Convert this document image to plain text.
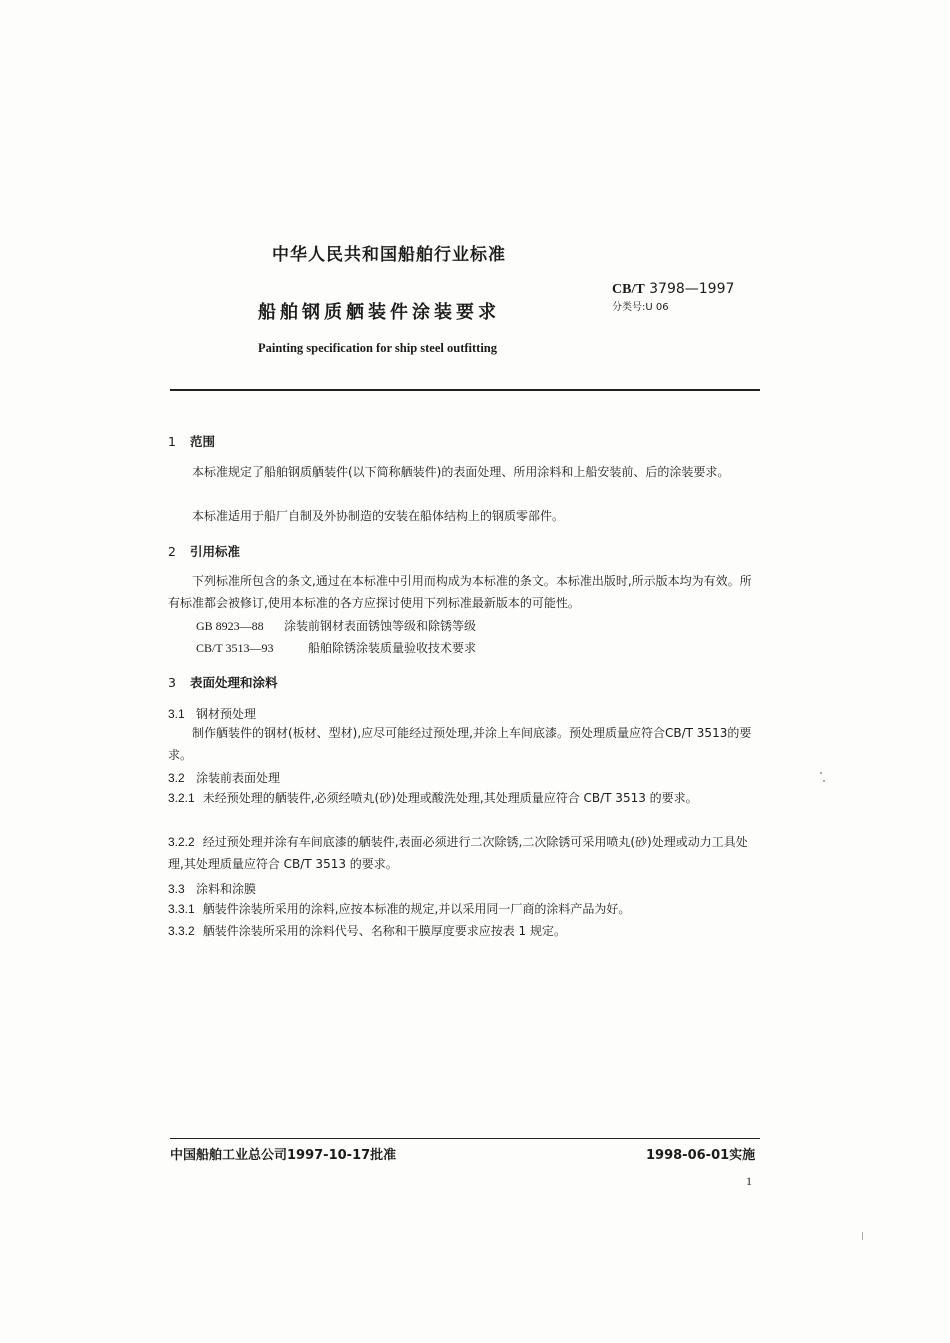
中华人民共和国船舶行业标准
船舶钢质舾装件涂装要求
Painting specification for ship steel outfitting
CB/T 3798—1997
分类号:U 06
1 范围
本标准规定了船舶钢质舾装件(以下简称舾装件)的表面处理、所用涂料和上船安装前、后的涂装要求。
本标准适用于船厂自制及外协制造的安装在船体结构上的钢质零部件。
2 引用标准
下列标准所包含的条文,通过在本标准中引用而构成为本标准的条文。本标准出版时,所示版本均为有效。所有标准都会被修订,使用本标准的各方应探讨使用下列标准最新版本的可能性。
GB 8923—88 涂装前钢材表面锈蚀等级和除锈等级
CB/T 3513—93	船舶除锈涂装质量验收技术要求
3 表面处理和涂料
3.1 钢材预处理
制作舾装件的钢材(板材、型材),应尽可能经过预处理,并涂上车间底漆。预处理质量应符合CB/T 3513的要求。
3.2 涂装前表面处理
3.2.1 未经预处理的舾装件,必须经喷丸(砂)处理或酸洗处理,其处理质量应符合 CB/T 3513 的要求。
3.2.2 经过预处理并涂有车间底漆的舾装件,表面必须进行二次除锈,二次除锈可采用喷丸(砂)处理或动力工具处理,其处理质量应符合 CB/T 3513 的要求。
3.3 涂料和涂膜
3.3.1 舾装件涂装所采用的涂料,应按本标准的规定,并以采用同一厂商的涂料产品为好。
3.3.2 舾装件涂装所采用的涂料代号、名称和干膜厚度要求应按表 1 规定。
中国船舶工业总公司1997-10-17批准	1998-06-01实施
1
